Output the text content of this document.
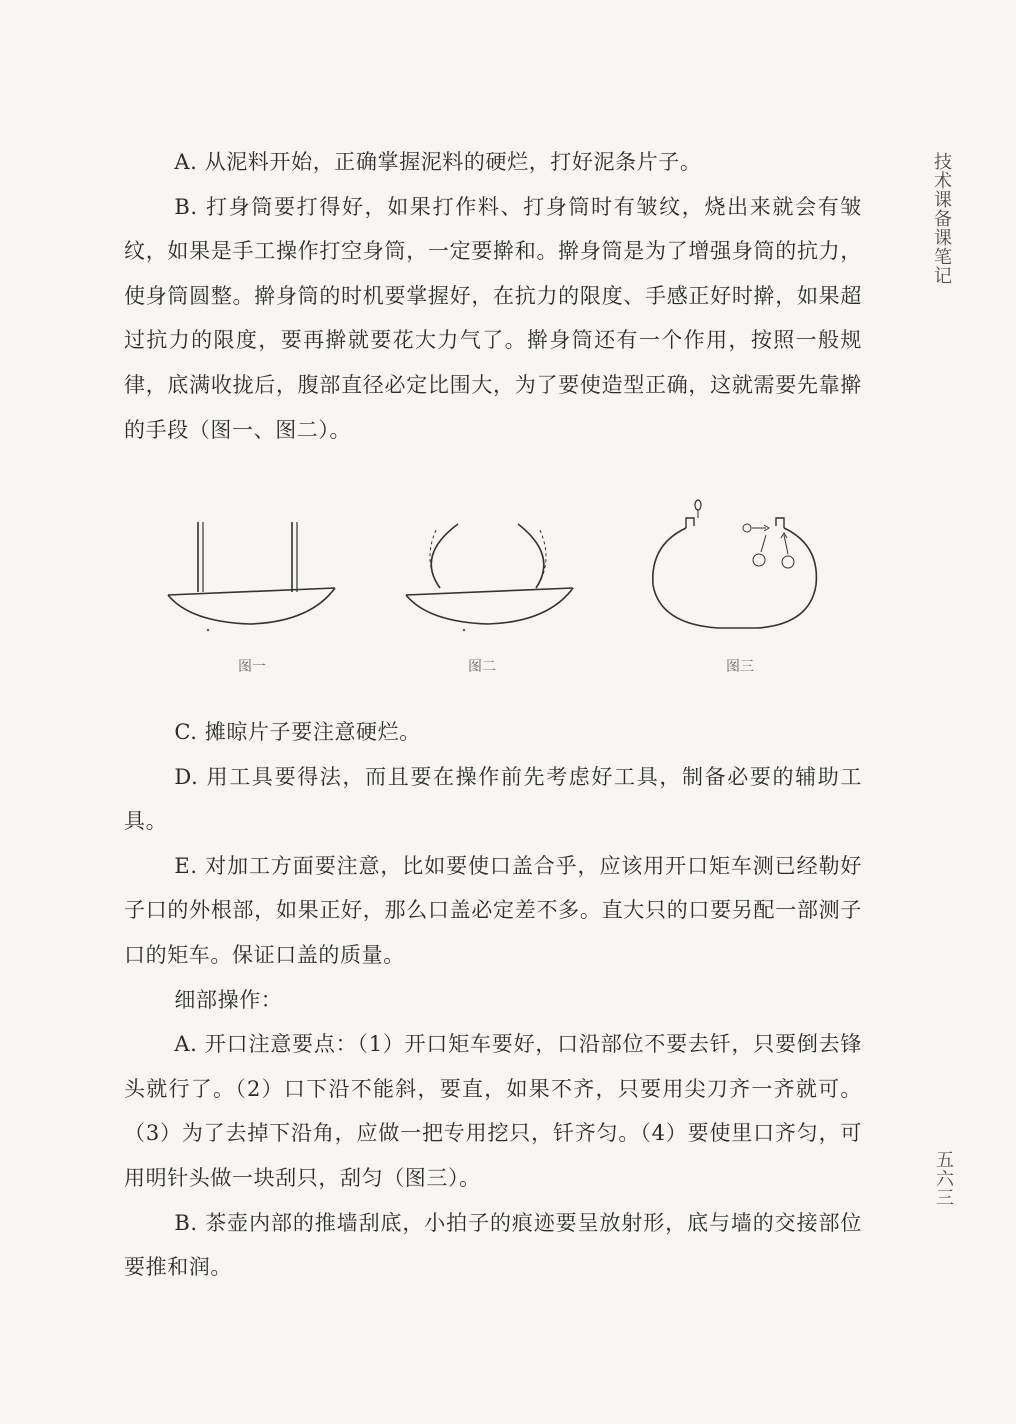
A. 从泥料开始，正确掌握泥料的硬烂，打好泥条片子。

B. 打身筒要打得好，如果打作料、打身筒时有皱纹，烧出来就会有皱纹，如果是手工操作打空身筒，一定要擀和。擀身筒是为了增强身筒的抗力，使身筒圆整。擀身筒的时机要掌握好，在抗力的限度、手感正好时擀，如果超过抗力的限度，要再擀就要花大力气了。擀身筒还有一个作用，按照一般规律，底满收拢后，腹部直径必定比围大，为了要使造型正确，这就需要先靠擀的手段（图一、图二）。

图一	图二	图三

C. 摊晾片子要注意硬烂。

D. 用工具要得法，而且要在操作前先考虑好工具，制备必要的辅助工具。

E. 对加工方面要注意，比如要使口盖合乎，应该用开口矩车测已经勒好子口的外根部，如果正好，那么口盖必定差不多。直大只的口要另配一部测子口的矩车。保证口盖的质量。

细部操作：

A. 开口注意要点：（1）开口矩车要好，口沿部位不要去钎，只要倒去锋头就行了。（2）口下沿不能斜，要直，如果不齐，只要用尖刀齐一齐就可。（3）为了去掉下沿角，应做一把专用挖只，钎齐匀。（4）要使里口齐匀，可用明针头做一块刮只，刮匀（图三）。

B. 茶壶内部的推墙刮底，小拍子的痕迹要呈放射形，底与墙的交接部位要推和润。

技术课备课笔记
五六三
